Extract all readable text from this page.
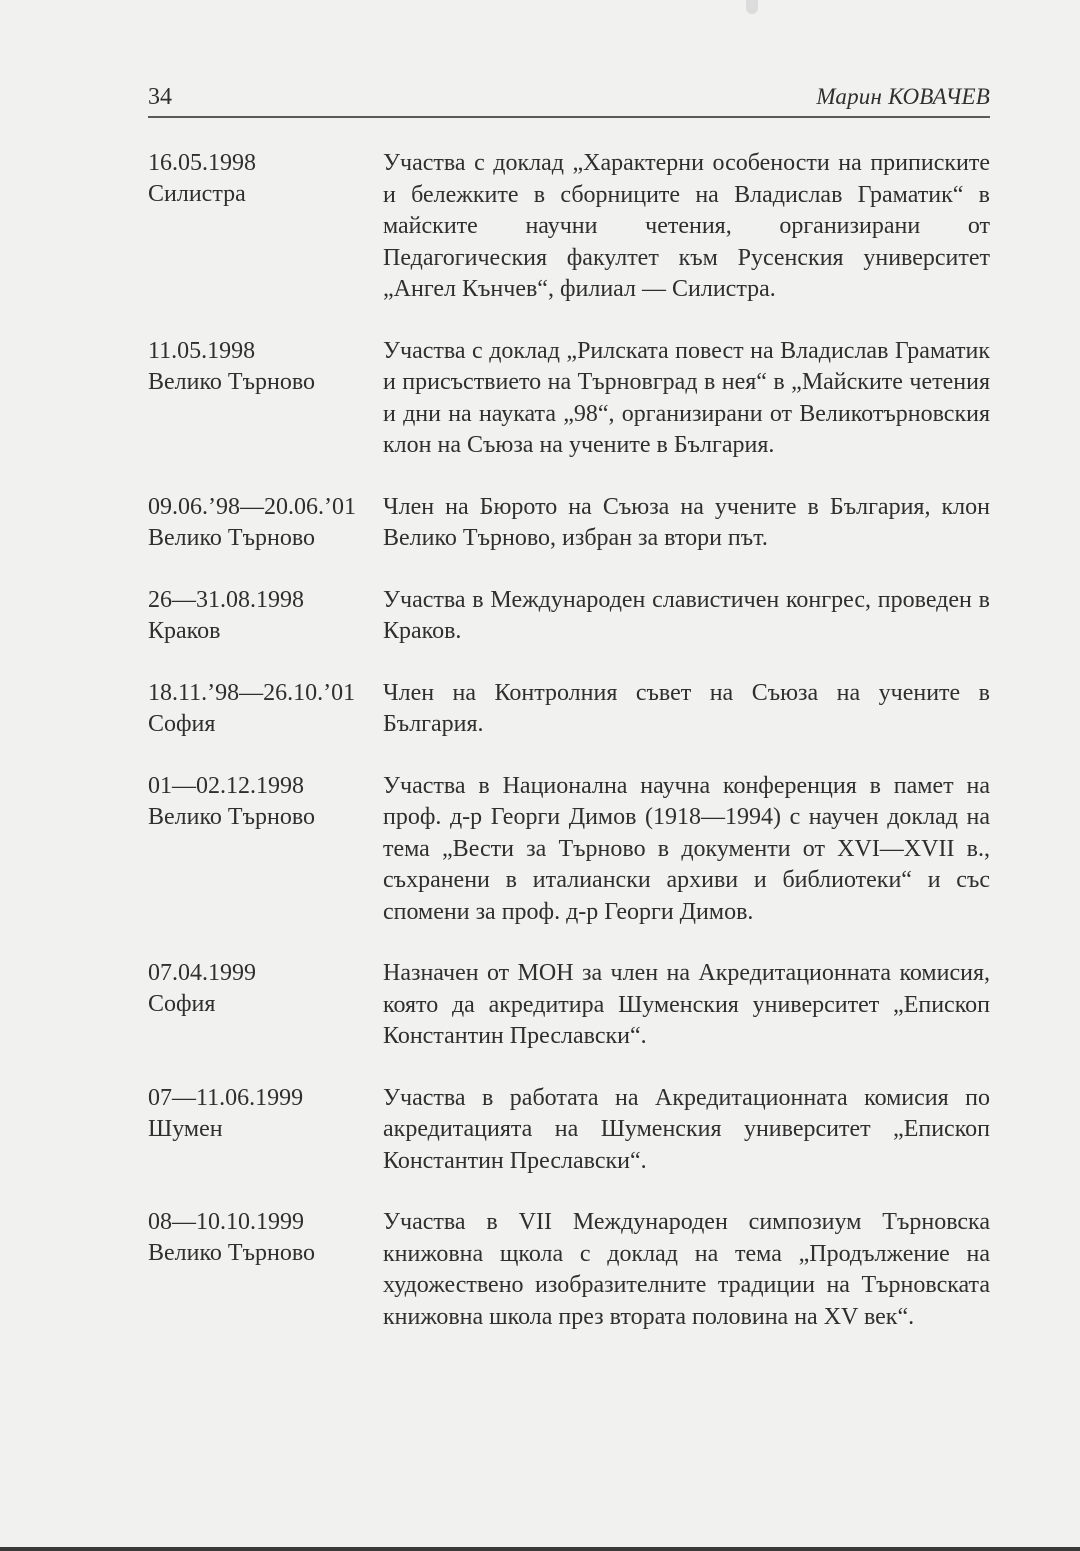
34	Марин КОВАЧЕВ
16.05.1998
Силистра
Участва с доклад „Характерни особености на приписките и бележките в сборниците на Владислав Граматик“ в майските научни четения, организирани от Педагогическия факултет към Русенския университет „Ангел Кънчев“, филиал — Силистра.
11.05.1998
Велико Търново
Участва с доклад „Рилската повест на Владислав Граматик и присъствието на Търновград в нея“ в „Майските четения и дни на науката „98“, организирани от Великотърновския клон на Съюза на учените в България.
09.06.’98—20.06.’01
Велико Търново
Член на Бюрото на Съюза на учените в България, клон Велико Търново, избран за втори път.
26—31.08.1998
Краков
Участва в Международен славистичен конгрес, проведен в Краков.
18.11.’98—26.10.’01
София
Член на Контролния съвет на Съюза на учените в България.
01—02.12.1998
Велико Търново
Участва в Национална научна конференция в памет на проф. д-р Георги Димов (1918—1994) с научен доклад на тема „Вести за Търново в документи от XVI—XVII в., съхранени в италиански архиви и библиотеки“ и със спомени за проф. д-р Георги Димов.
07.04.1999
София
Назначен от МОН за член на Акредитационната комисия, която да акредитира Шуменския университет „Епископ Константин Преславски“.
07—11.06.1999
Шумен
Участва в работата на Акредитационната комисия по акредитацията на Шуменския университет „Епископ Константин Преславски“.
08—10.10.1999
Велико Търново
Участва в VII Международен симпозиум Търновска книжовна щкола с доклад на тема „Продължение на художествено изобразителните традиции на Търновската книжовна школа през втората половина на XV век“.
